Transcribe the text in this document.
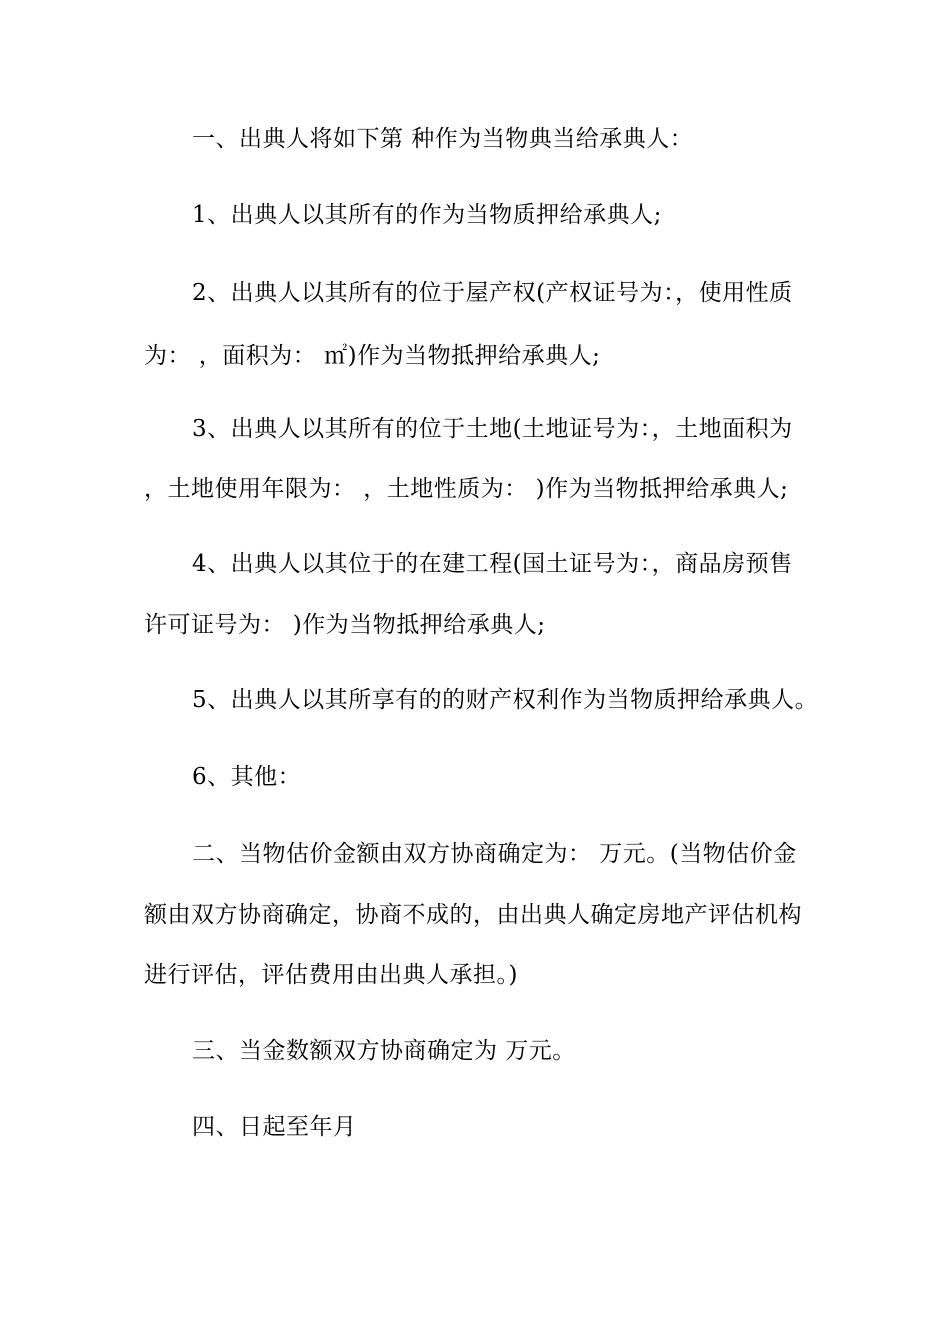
一、出典人将如下第 种作为当物典当给承典人：
1、出典人以其所有的作为当物质押给承典人;
2、出典人以其所有的位于屋产权(产权证号为：，使用性质
为： ，面积为： ㎡)作为当物抵押给承典人;
3、出典人以其所有的位于土地(土地证号为：，土地面积为
，土地使用年限为： ，土地性质为： )作为当物抵押给承典人;
4、出典人以其位于的在建工程(国土证号为：，商品房预售
许可证号为： )作为当物抵押给承典人;
5、出典人以其所享有的的财产权利作为当物质押给承典人。
6、其他：
二、当物估价金额由双方协商确定为： 万元。(当物估价金
额由双方协商确定，协商不成的，由出典人确定房地产评估机构
进行评估，评估费用由出典人承担。)
三、当金数额双方协商确定为 万元。
四、日起至年月
